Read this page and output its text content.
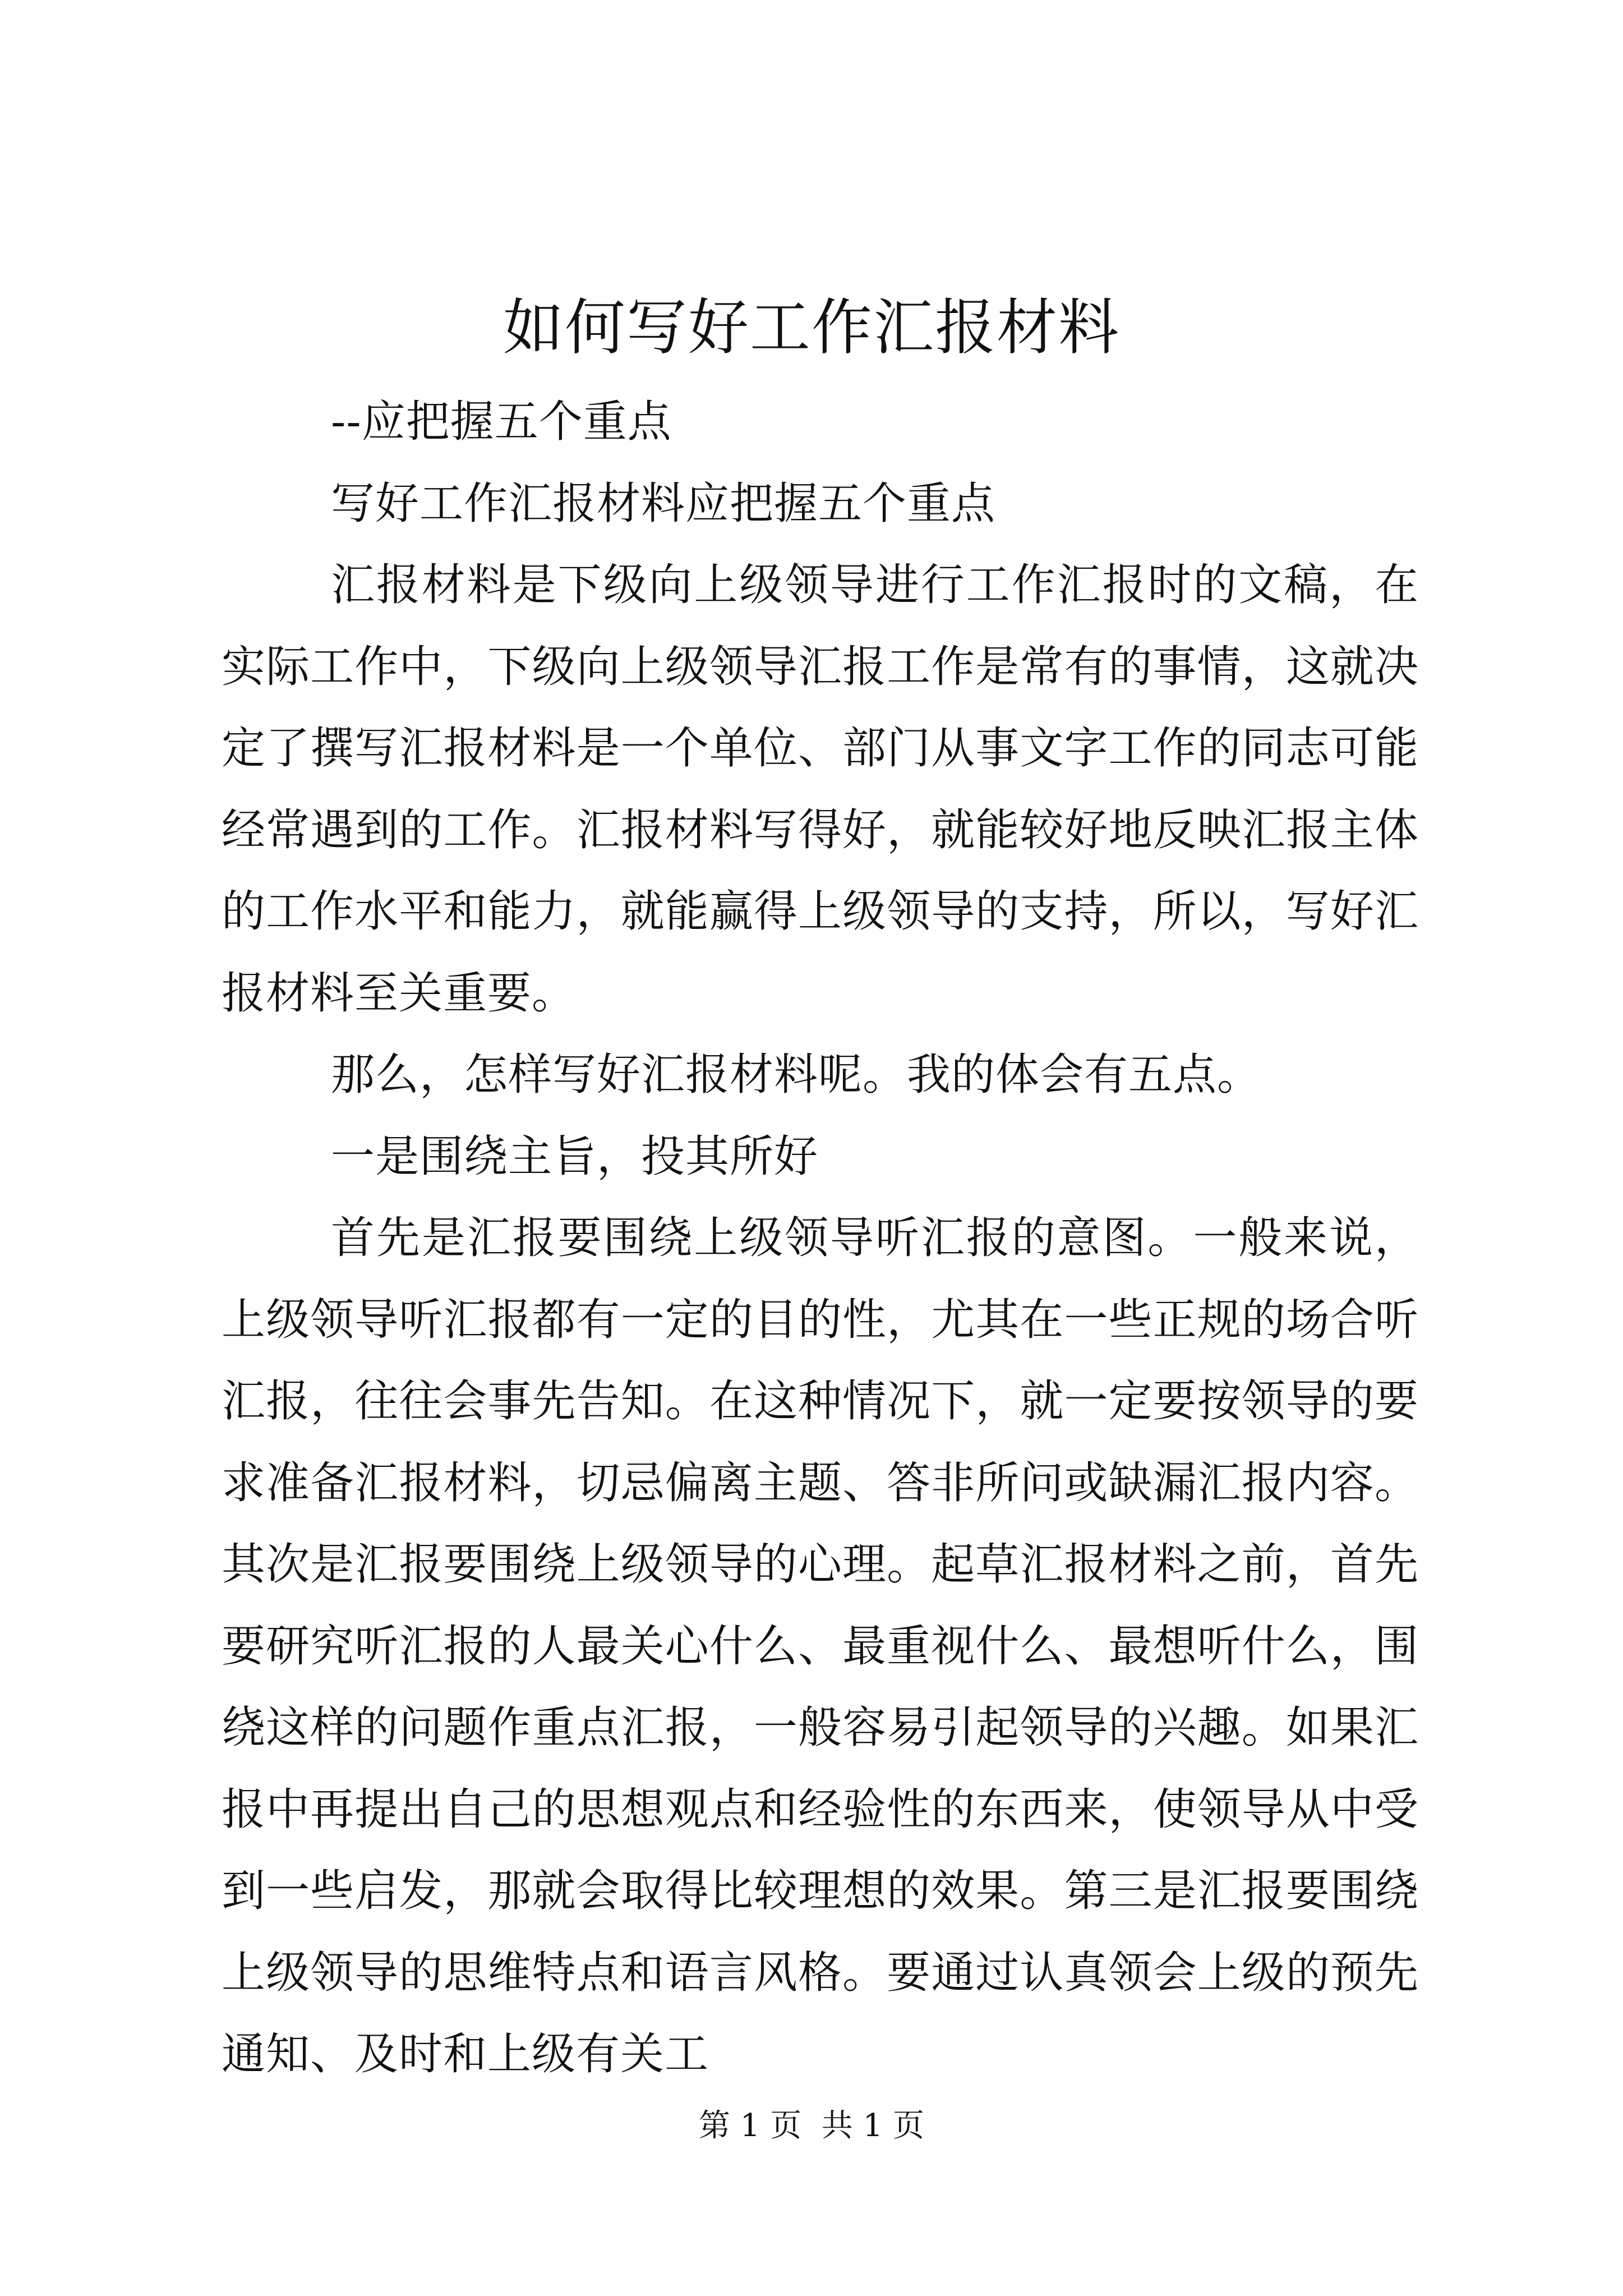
如何写好工作汇报材料

--应把握五个重点

写好工作汇报材料应把握五个重点

汇报材料是下级向上级领导进行工作汇报时的文稿，在实际工作中，下级向上级领导汇报工作是常有的事情，这就决定了撰写汇报材料是一个单位、部门从事文字工作的同志可能经常遇到的工作。汇报材料写得好，就能较好地反映汇报主体的工作水平和能力，就能赢得上级领导的支持，所以，写好汇报材料至关重要。

那么，怎样写好汇报材料呢。我的体会有五点。

一是围绕主旨，投其所好

首先是汇报要围绕上级领导听汇报的意图。一般来说，上级领导听汇报都有一定的目的性，尤其在一些正规的场合听汇报，往往会事先告知。在这种情况下，就一定要按领导的要求准备汇报材料，切忌偏离主题、答非所问或缺漏汇报内容。其次是汇报要围绕上级领导的心理。起草汇报材料之前，首先要研究听汇报的人最关心什么、最重视什么、最想听什么，围绕这样的问题作重点汇报，一般容易引起领导的兴趣。如果汇报中再提出自己的思想观点和经验性的东西来，使领导从中受到一些启发，那就会取得比较理想的效果。第三是汇报要围绕上级领导的思维特点和语言风格。要通过认真领会上级的预先通知、及时和上级有关工

第 1 页  共 1 页
